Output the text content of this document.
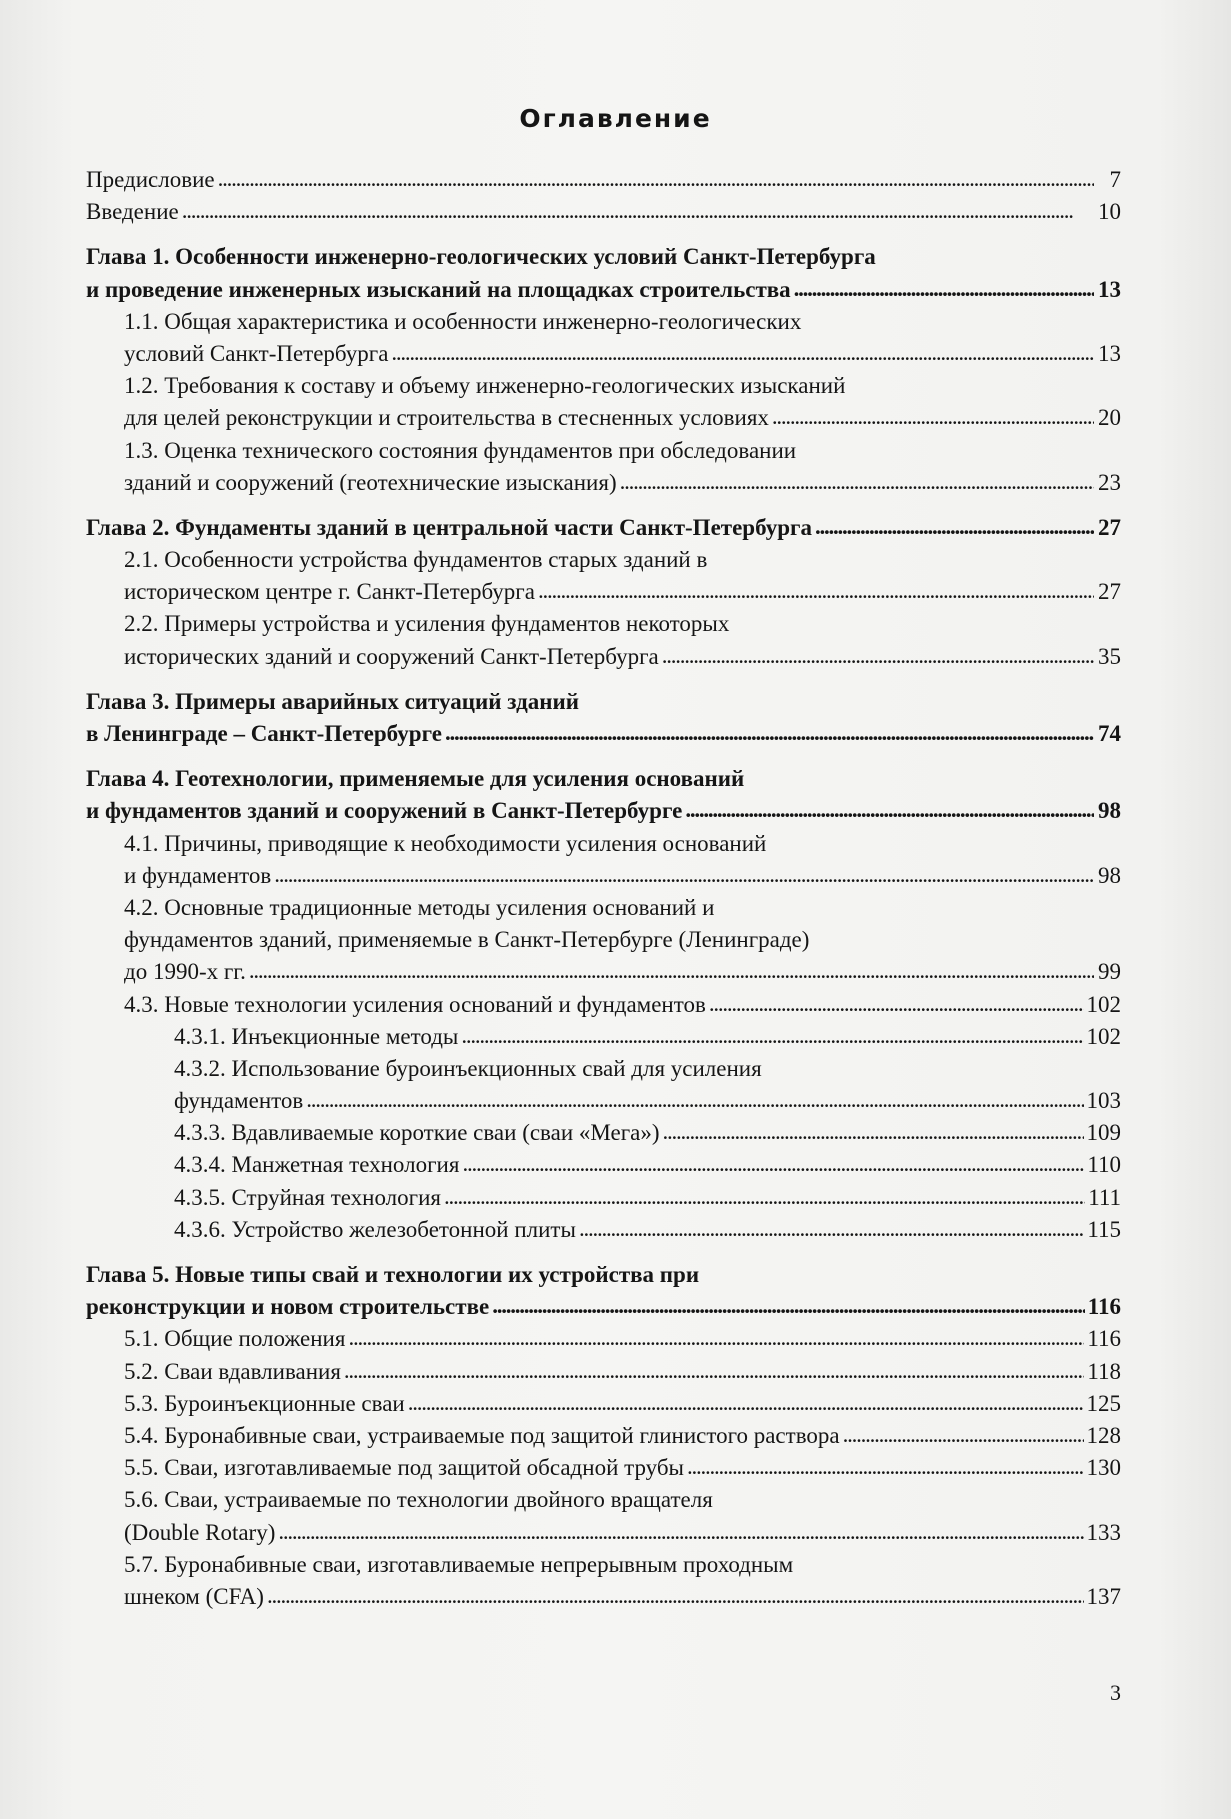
Оглавление
Предисловие . . .	7
Введение . . .	10
Глава 1. Особенности инженерно-геологических условий Санкт-Петербурга
и проведение инженерных изысканий на площадках строительства . . .	13
1.1. Общая характеристика и особенности инженерно-геологических
условий Санкт-Петербурга . . .	13
1.2. Требования к составу и объему инженерно-геологических изысканий
для целей реконструкции и строительства в стесненных условиях . . .	20
1.3. Оценка технического состояния фундаментов при обследовании
зданий и сооружений (геотехнические изыскания) . . .	23
Глава 2. Фундаменты зданий в центральной части Санкт-Петербурга . . .	27
2.1. Особенности устройства фундаментов старых зданий в
историческом центре г. Санкт-Петербурга . . .	27
2.2. Примеры устройства и усиления фундаментов некоторых
исторических зданий и сооружений Санкт-Петербурга . . .	35
Глава 3. Примеры аварийных ситуаций зданий
в Ленинграде – Санкт-Петербурге . . .	74
Глава 4. Геотехнологии, применяемые для усиления оснований
и фундаментов зданий и сооружений в Санкт-Петербурге . . .	98
4.1. Причины, приводящие к необходимости усиления оснований
и фундаментов . . .	98
4.2. Основные традиционные методы усиления оснований и
фундаментов зданий, применяемые в Санкт-Петербурге (Ленинграде)
до 1990-х гг. . . .	99
4.3. Новые технологии усиления оснований и фундаментов . . .	102
4.3.1. Инъекционные методы . . .	102
4.3.2. Использование буроинъекционных свай для усиления
фундаментов . . .	103
4.3.3. Вдавливаемые короткие сваи (сваи «Мега») . . .	109
4.3.4. Манжетная технология . . .	110
4.3.5. Струйная технология . . .	111
4.3.6. Устройство железобетонной плиты . . .	115
Глава 5. Новые типы свай и технологии их устройства при
реконструкции и новом строительстве . . .	116
5.1. Общие положения . . .	116
5.2. Сваи вдавливания . . .	118
5.3. Буроинъекционные сваи . . .	125
5.4. Буронабивные сваи, устраиваемые под защитой глинистого раствора . . .	128
5.5. Сваи, изготавливаемые под защитой обсадной трубы . . .	130
5.6. Сваи, устраиваемые по технологии двойного вращателя
(Double Rotary) . . .	133
5.7. Буронабивные сваи, изготавливаемые непрерывным проходным
шнеком (CFA) . . .	137
3
